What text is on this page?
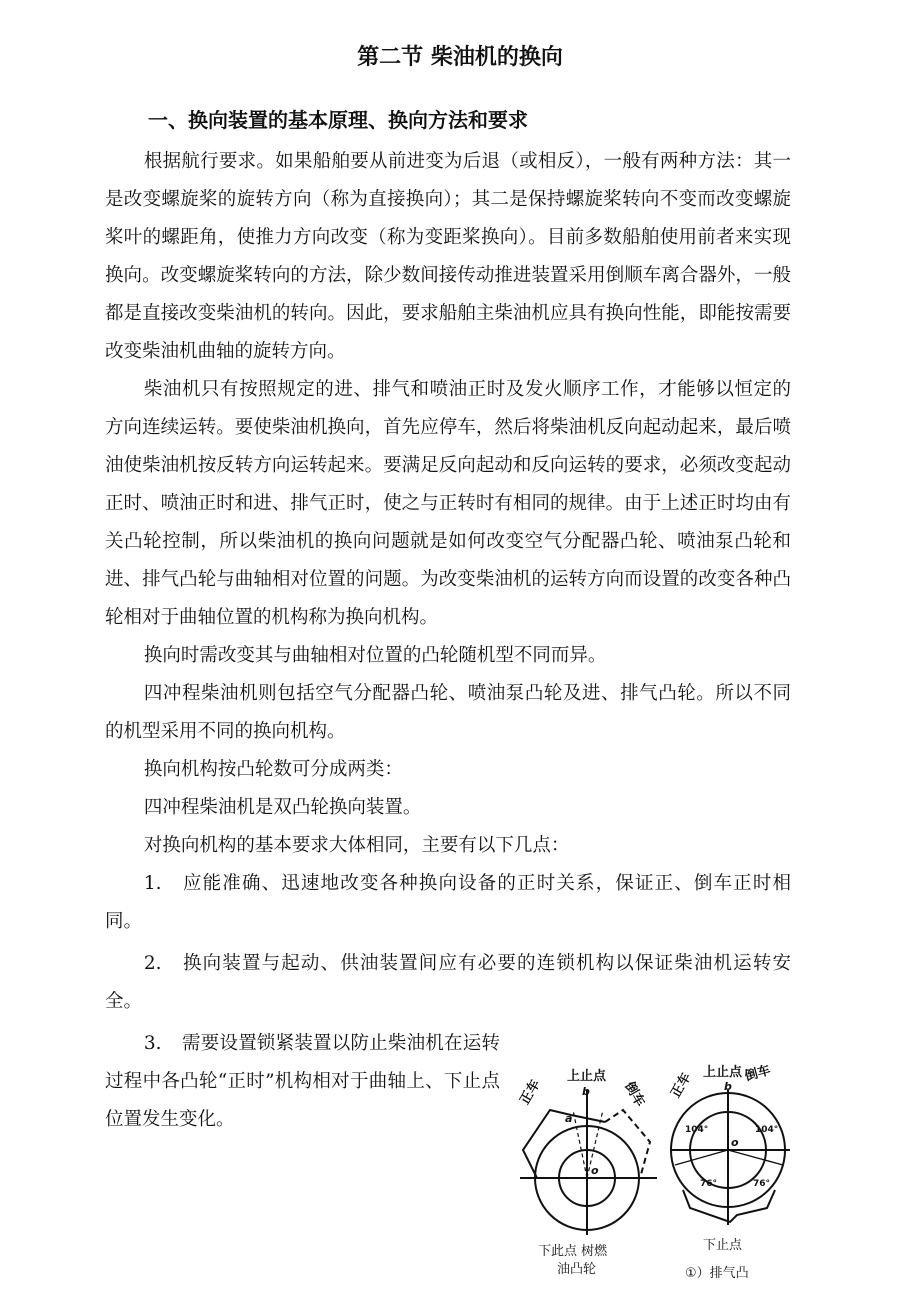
第二节 柴油机的换向
一、换向装置的基本原理、换向方法和要求

根据航行要求。如果船舶要从前进变为后退（或相反），一般有两种方法：其一是改变螺旋桨的旋转方向（称为直接换向）；其二是保持螺旋桨转向不变而改变螺旋桨叶的螺距角，使推力方向改变（称为变距桨换向）。目前多数船舶使用前者来实现换向。改变螺旋桨转向的方法，除少数间接传动推进装置采用倒顺车离合器外，一般都是直接改变柴油机的转向。因此，要求船舶主柴油机应具有换向性能，即能按需要改变柴油机曲轴的旋转方向。

柴油机只有按照规定的进、排气和喷油正时及发火顺序工作，才能够以恒定的方向连续运转。要使柴油机换向，首先应停车，然后将柴油机反向起动起来，最后喷油使柴油机按反转方向运转起来。要满足反向起动和反向运转的要求，必须改变起动正时、喷油正时和进、排气正时，使之与正转时有相同的规律。由于上述正时均由有关凸轮控制，所以柴油机的换向问题就是如何改变空气分配器凸轮、喷油泵凸轮和进、排气凸轮与曲轴相对位置的问题。为改变柴油机的运转方向而设置的改变各种凸轮相对于曲轴位置的机构称为换向机构。

换向时需改变其与曲轴相对位置的凸轮随机型不同而异。

四冲程柴油机则包括空气分配器凸轮、喷油泵凸轮及进、排气凸轮。所以不同的机型采用不同的换向机构。

换向机构按凸轮数可分成两类：

四冲程柴油机是双凸轮换向装置。

对换向机构的基本要求大体相同，主要有以下几点：

1. 应能准确、迅速地改变各种换向设备的正时关系，保证正、倒车正时相同。

2. 换向装置与起动、供油装置间应有必要的连锁机构以保证柴油机运转安全。

3. 需要设置锁紧装置以防止柴油机在运转过程中各凸轮“正时”机构相对于曲轴上、下止点位置发生变化。

上止点
正车	倒车
b
a
o
下此点 树燃
油凸轮
上止点 倒车
正车	b
o
104°	104°
76°	76°
下止点
①）排气凸
